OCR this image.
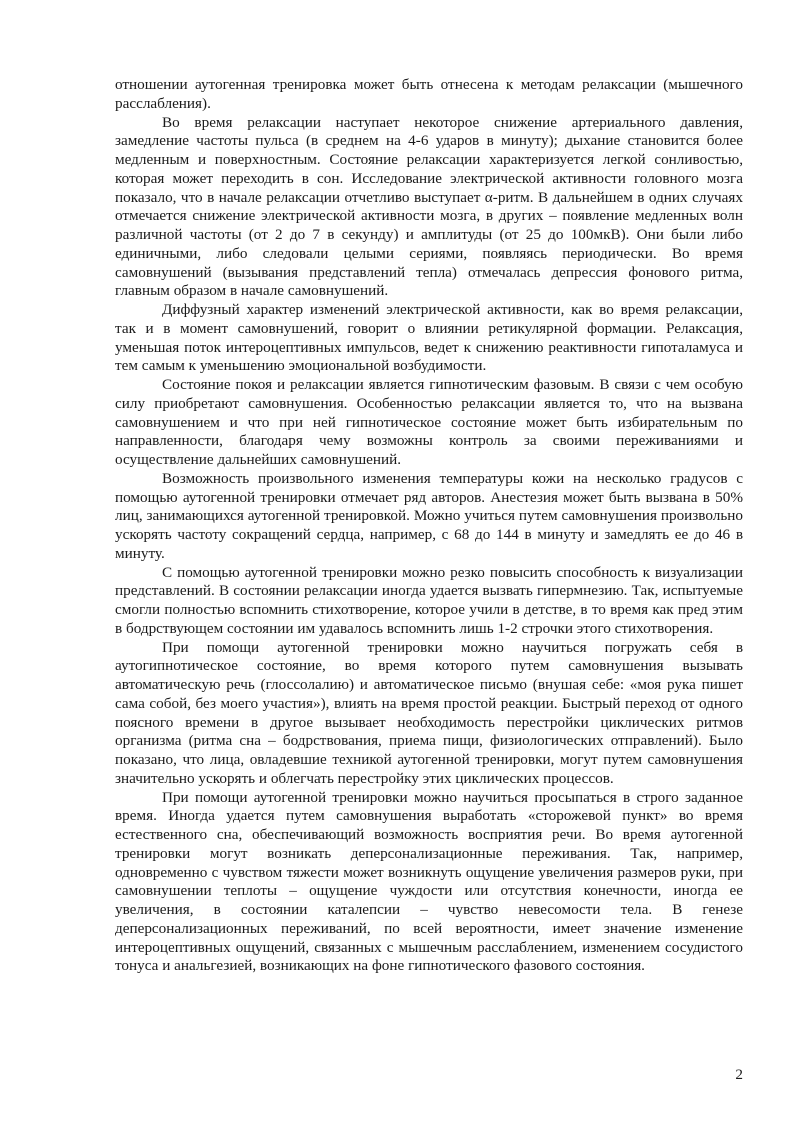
отношении аутогенная тренировка может быть отнесена к методам релаксации (мышечного расслабления).

Во время релаксации наступает некоторое снижение артериального давления, замедление частоты пульса (в среднем на 4-6 ударов в минуту); дыхание становится более медленным и поверхностным. Состояние релаксации характеризуется легкой сонливостью, которая может переходить в сон. Исследование электрической активности головного мозга показало, что в начале релаксации отчетливо выступает α-ритм. В дальнейшем в одних случаях отмечается снижение электрической активности мозга, в других – появление медленных волн различной частоты (от 2 до 7 в секунду) и амплитуды (от 25 до 100мкВ). Они были либо единичными, либо следовали целыми сериями, появляясь периодически. Во время самовнушений (вызывания представлений тепла) отмечалась депрессия фонового ритма, главным образом в начале самовнушений.

Диффузный характер изменений электрической активности, как во время релаксации, так и в момент самовнушений, говорит о влиянии ретикулярной формации. Релаксация, уменьшая поток интероцептивных импульсов, ведет к снижению реактивности гипоталамуса и тем самым к уменьшению эмоциональной возбудимости.

Состояние покоя и релаксации является гипнотическим фазовым. В связи с чем особую силу приобретают самовнушения. Особенностью релаксации является то, что на вызвана самовнушением и что при ней гипнотическое состояние может быть избирательным по направленности, благодаря чему возможны контроль за своими переживаниями и осуществление дальнейших самовнушений.

Возможность произвольного изменения температуры кожи на несколько градусов с помощью аутогенной тренировки отмечает ряд авторов. Анестезия может быть вызвана в 50% лиц, занимающихся аутогенной тренировкой. Можно учиться путем самовнушения произвольно ускорять частоту сокращений сердца, например, с 68 до 144 в минуту и замедлять ее до 46 в минуту.

С помощью аутогенной тренировки можно резко повысить способность к визуализации представлений. В состоянии релаксации иногда удается вызвать гипермнезию. Так, испытуемые смогли полностью вспомнить стихотворение, которое учили в детстве, в то время как пред этим в бодрствующем состоянии им удавалось вспомнить лишь 1-2 строчки этого стихотворения.

При помощи аутогенной тренировки можно научиться погружать себя в аутогипнотическое состояние, во время которого путем самовнушения вызывать автоматическую речь (глоссолалию) и автоматическое письмо (внушая себе: «моя рука пишет сама собой, без моего участия»), влиять на время простой реакции. Быстрый переход от одного поясного времени в другое вызывает необходимость перестройки циклических ритмов организма (ритма сна – бодрствования, приема пищи, физиологических отправлений). Было показано, что лица, овладевшие техникой аутогенной тренировки, могут путем самовнушения значительно ускорять и облегчать перестройку этих циклических процессов.

При помощи аутогенной тренировки можно научиться просыпаться в строго заданное время. Иногда удается путем самовнушения выработать «сторожевой пункт» во время естественного сна, обеспечивающий возможность восприятия речи. Во время аутогенной тренировки могут возникать деперсонализационные переживания. Так, например, одновременно с чувством тяжести может возникнуть ощущение увеличения размеров руки, при самовнушении теплоты – ощущение чуждости или отсутствия конечности, иногда ее увеличения, в состоянии каталепсии – чувство невесомости тела. В генезе деперсонализационных переживаний, по всей вероятности, имеет значение изменение интероцептивных ощущений, связанных с мышечным расслаблением, изменением сосудистого тонуса и анальгезией, возникающих на фоне гипнотического фазового состояния.

2
